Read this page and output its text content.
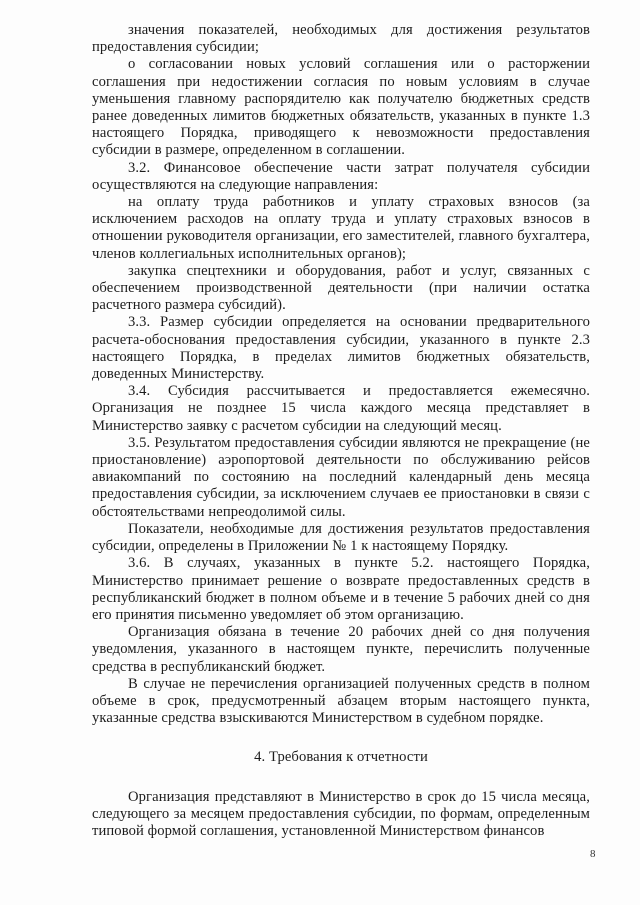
значения показателей, необходимых для достижения результатов предоставления субсидии;

о согласовании новых условий соглашения или о расторжении соглашения при недостижении согласия по новым условиям в случае уменьшения главному распорядителю как получателю бюджетных средств ранее доведенных лимитов бюджетных обязательств, указанных в пункте 1.3 настоящего Порядка, приводящего к невозможности предоставления субсидии в размере, определенном в соглашении.

3.2. Финансовое обеспечение части затрат получателя субсидии осуществляются на следующие направления:

на оплату труда работников и уплату страховых взносов (за исключением расходов на оплату труда и уплату страховых взносов в отношении руководителя организации, его заместителей, главного бухгалтера, членов коллегиальных исполнительных органов);

закупка спецтехники и оборудования, работ и услуг, связанных с обеспечением производственной деятельности (при наличии остатка расчетного размера субсидий).

3.3. Размер субсидии определяется на основании предварительного расчета-обоснования предоставления субсидии, указанного в пункте 2.3 настоящего Порядка, в пределах лимитов бюджетных обязательств, доведенных Министерству.

3.4. Субсидия рассчитывается и предоставляется ежемесячно. Организация не позднее 15 числа каждого месяца представляет в Министерство заявку с расчетом субсидии на следующий месяц.

3.5. Результатом предоставления субсидии являются не прекращение (не приостановление) аэропортовой деятельности по обслуживанию рейсов авиакомпаний по состоянию на последний календарный день месяца предоставления субсидии, за исключением случаев ее приостановки в связи с обстоятельствами непреодолимой силы.

Показатели, необходимые для достижения результатов предоставления субсидии, определены в Приложении № 1 к настоящему Порядку.

3.6. В случаях, указанных в пункте 5.2. настоящего Порядка, Министерство принимает решение о возврате предоставленных средств в республиканский бюджет в полном объеме и в течение 5 рабочих дней со дня его принятия письменно уведомляет об этом организацию.

Организация обязана в течение 20 рабочих дней со дня получения уведомления, указанного в настоящем пункте, перечислить полученные средства в республиканский бюджет.

В случае не перечисления организацией полученных средств в полном объеме в срок, предусмотренный абзацем вторым настоящего пункта, указанные средства взыскиваются Министерством в судебном порядке.

4. Требования к отчетности

Организация представляют в Министерство в срок до 15 числа месяца, следующего за месяцем предоставления субсидии, по формам, определенным типовой формой соглашения, установленной Министерством финансов

8
